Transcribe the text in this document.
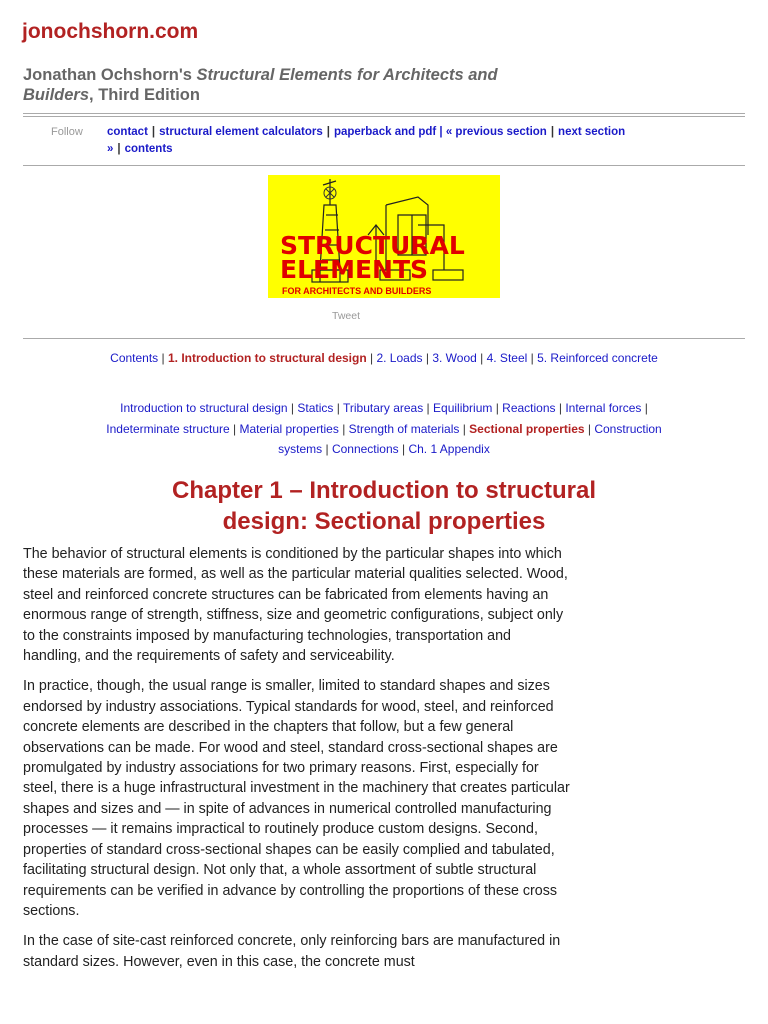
jonochshorn.com
Jonathan Ochshorn's Structural Elements for Architects and Builders, Third Edition
Follow contact | structural element calculators | paperback and pdf | « previous section | next section » | contents
STRUCTURAL
ELEMENTS
FOR ARCHITECTS AND BUILDERS
Tweet
Contents | 1. Introduction to structural design | 2. Loads | 3. Wood | 4. Steel | 5. Reinforced concrete
Introduction to structural design | Statics | Tributary areas | Equilibrium | Reactions | Internal forces | Indeterminate structure | Material properties | Strength of materials | Sectional properties | Construction systems | Connections | Ch. 1 Appendix
Chapter 1 – Introduction to structural design: Sectional properties

The behavior of structural elements is conditioned by the particular shapes into which these materials are formed, as well as the particular material qualities selected. Wood, steel and reinforced concrete structures can be fabricated from elements having an enormous range of strength, stiffness, size and geometric configurations, subject only to the constraints imposed by manufacturing technologies, transportation and handling, and the requirements of safety and serviceability.

In practice, though, the usual range is smaller, limited to standard shapes and sizes endorsed by industry associations. Typical standards for wood, steel, and reinforced concrete elements are described in the chapters that follow, but a few general observations can be made. For wood and steel, standard cross-sectional shapes are promulgated by industry associations for two primary reasons. First, especially for steel, there is a huge infrastructural investment in the machinery that creates particular shapes and sizes and — in spite of advances in numerical controlled manufacturing processes — it remains impractical to routinely produce custom designs. Second, properties of standard cross-sectional shapes can be easily complied and tabulated, facilitating structural design. Not only that, a whole assortment of subtle structural requirements can be verified in advance by controlling the proportions of these cross sections.

In the case of site-cast reinforced concrete, only reinforcing bars are manufactured in standard sizes. However, even in this case, the concrete must
